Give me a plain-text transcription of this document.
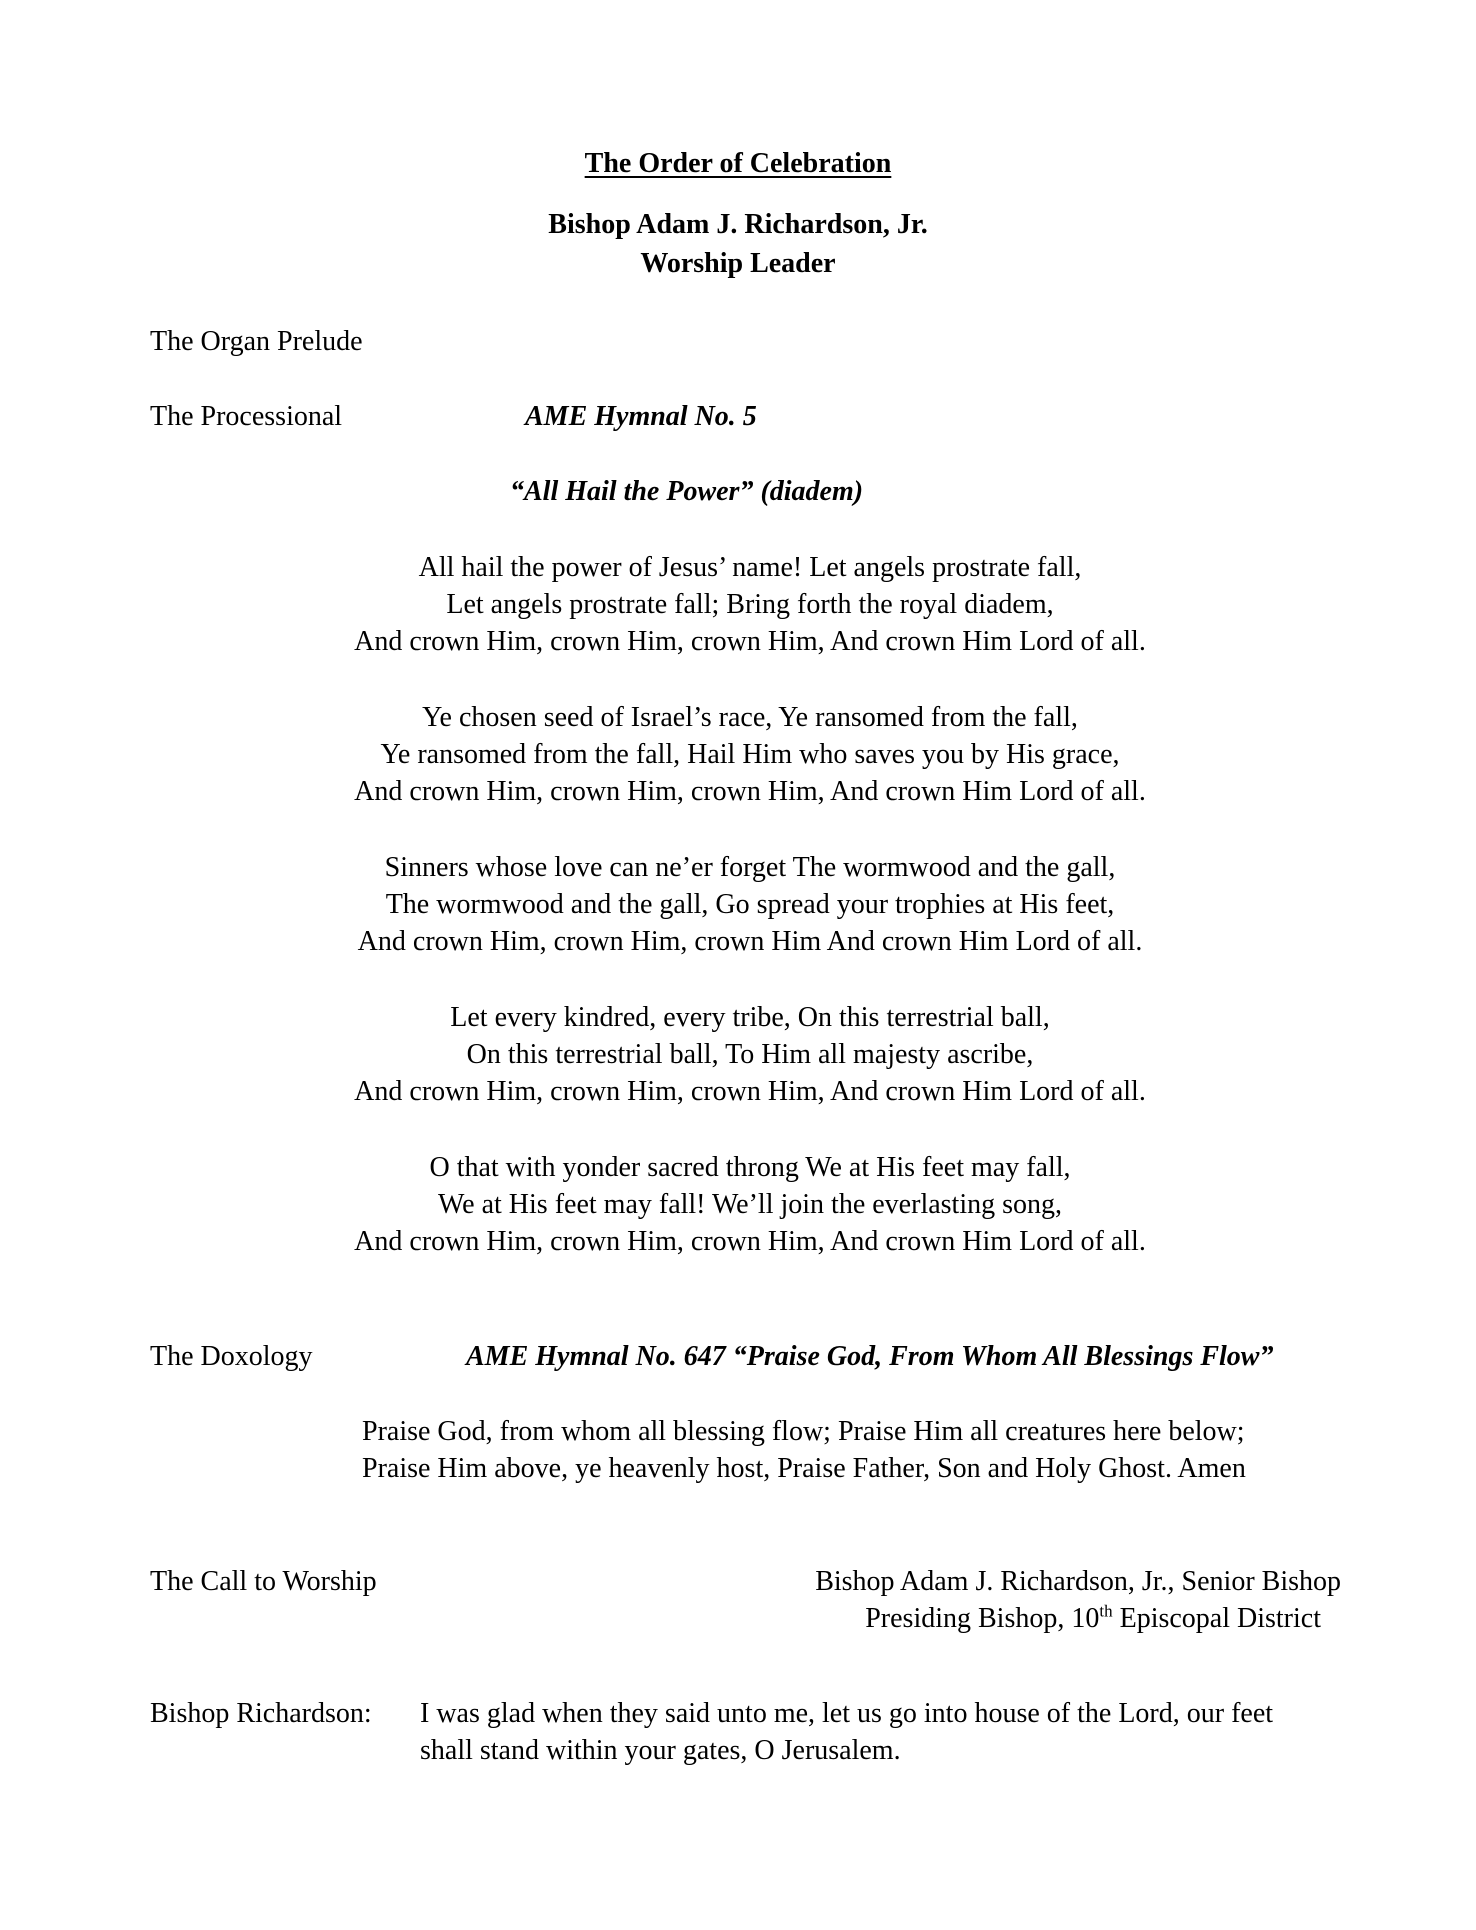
The Order of Celebration
Bishop Adam J. Richardson, Jr.
Worship Leader
The Organ Prelude
The Processional	AME Hymnal No. 5
“All Hail the Power” (diadem)
All hail the power of Jesus’ name! Let angels prostrate fall,
Let angels prostrate fall; Bring forth the royal diadem,
And crown Him, crown Him, crown Him, And crown Him Lord of all.
Ye chosen seed of Israel’s race, Ye ransomed from the fall,
Ye ransomed from the fall, Hail Him who saves you by His grace,
And crown Him, crown Him, crown Him, And crown Him Lord of all.
Sinners whose love can ne’er forget The wormwood and the gall,
The wormwood and the gall, Go spread your trophies at His feet,
And crown Him, crown Him, crown Him And crown Him Lord of all.
Let every kindred, every tribe, On this terrestrial ball,
On this terrestrial ball, To Him all majesty ascribe,
And crown Him, crown Him, crown Him, And crown Him Lord of all.
O that with yonder sacred throng We at His feet may fall,
We at His feet may fall! We’ll join the everlasting song,
And crown Him, crown Him, crown Him, And crown Him Lord of all.
The Doxology	AME Hymnal No. 647 “Praise God, From Whom All Blessings Flow”
Praise God, from whom all blessing flow; Praise Him all creatures here below;
Praise Him above, ye heavenly host, Praise Father, Son and Holy Ghost. Amen
The Call to Worship	Bishop Adam J. Richardson, Jr., Senior Bishop
Presiding Bishop, 10th Episcopal District
Bishop Richardson: I was glad when they said unto me, let us go into house of the Lord, our feet
shall stand within your gates, O Jerusalem.
